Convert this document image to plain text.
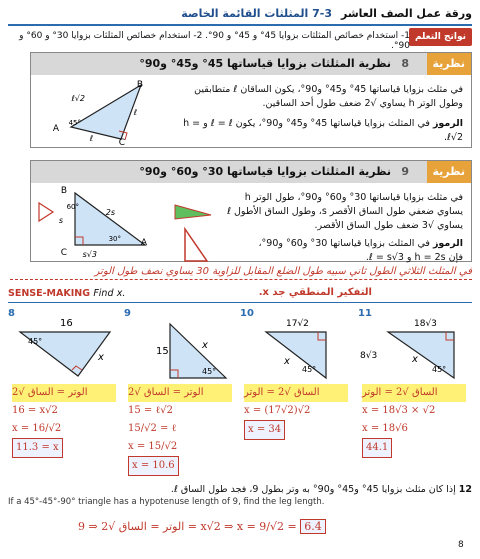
ورقة عمل الصف العاشر
7-3 المثلثات القائمة الخاصة
نواتج التعلم
1- استخدام خصائص المثلثات بزوايا 45° و 45° و 90°. 2- استخدام خصائص المثلثات بزوايا 30° و 60° و 90°.
نظرية
8
نظرية المثلثات بزوايا قياساتها 45° و45° و90°
في مثلث بزوايا قياساتها 45° و45° و90°، يكون الساقان ℓ متطابقين
وطول الوتر h يساوي √2 ضعف طول أحد الساقين.
الرموز في المثلث بزوايا قياساتها 45° و45° و90°، يكون ℓ = ℓ و h = ℓ√2.
A
B
C
ℓ√2
ℓ
ℓ
45°
نظرية
9
نظرية المثلثات بزوايا قياساتها 30° و60° و90°
في مثلث بزوايا قياساتها 30° و60° و90°، طول الوتر h
يساوي ضعفي طول الساق الأقصر s، وطول الساق الأطول ℓ
يساوي √3 ضعف طول الساق الأقصر.
الرموز في المثلث بزوايا قياساتها 30° و60° و90°،
فإن h = 2s و ℓ = s√3.
B
A
C
60°
30°
2s
s
s√3
في المثلث الثلاثي الطول ثاني سبيه طول الضلع المقابل للزاوية 30 يساوي نصف طول الوتر
SENSE-MAKING Find x.	التفكير المنطقي جد x.
8
16
45°
x
الوتر = الساق √2
16 = x√2
x = 16/√2
11.3 = x
9
15
45°
x
الوتر = الساق √2
15 = ℓ√2
15/√2 = ℓ
x = 15/√2
x = 10.6
10
17√2
45°
x
الساق √2 = الوتر
x = (17√2)√2
x = 34
11
18√3
8√3
45°
x
الساق √2 = الوتر
x = 18√3 × √2
x = 18√6
44.1
12 إذا كان مثلث بزوايا 45° و45° و90° به وتر بطول 9، فجد طول الساق ℓ.
If a 45°-45°-90° triangle has a hypotenuse length of 9, find the leg length.
الوتر = الساق √2 ⇒ 9 = x√2 ⇒ x = 9/√2 = 6.4
8
